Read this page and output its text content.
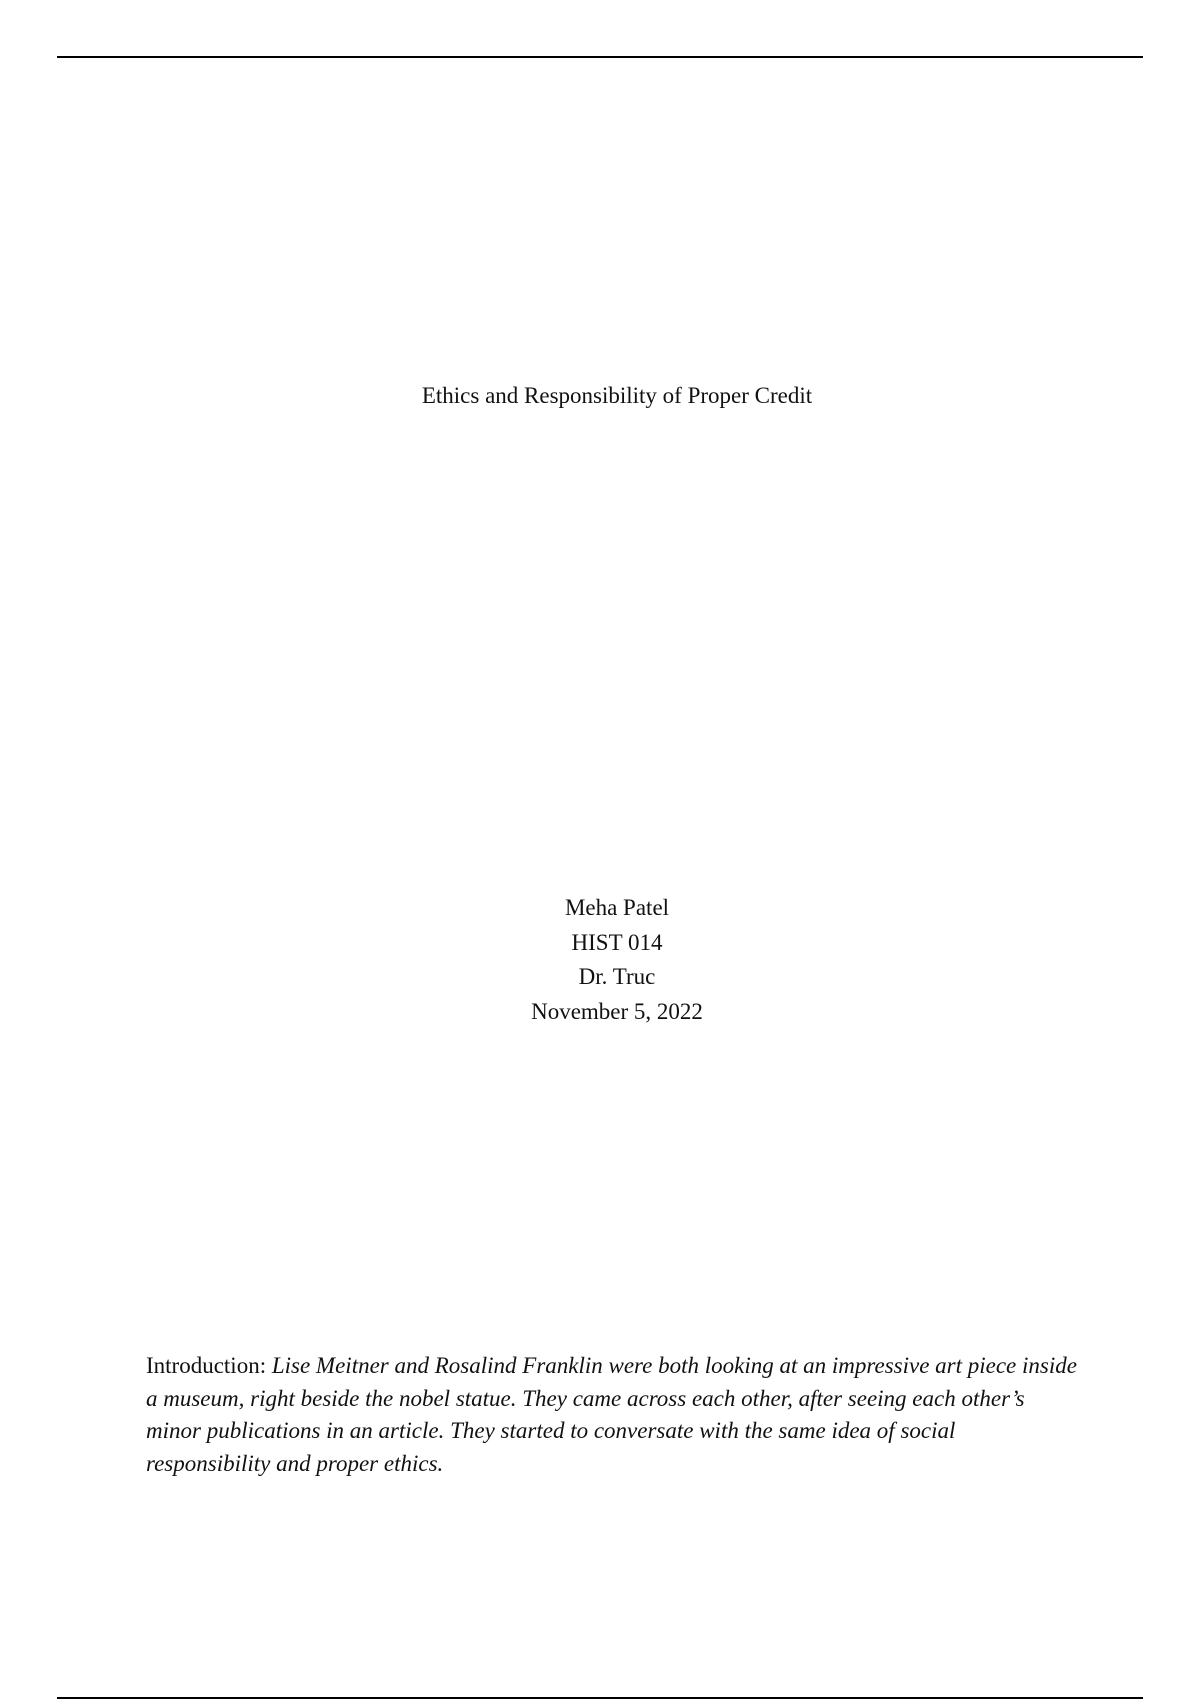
Ethics and Responsibility of Proper Credit
Meha Patel
HIST 014
Dr. Truc
November 5, 2022

Introduction: Lise Meitner and Rosalind Franklin were both looking at an impressive art piece inside a museum, right beside the nobel statue. They came across each other, after seeing each other’s minor publications in an article. They started to conversate with the same idea of social responsibility and proper ethics.
